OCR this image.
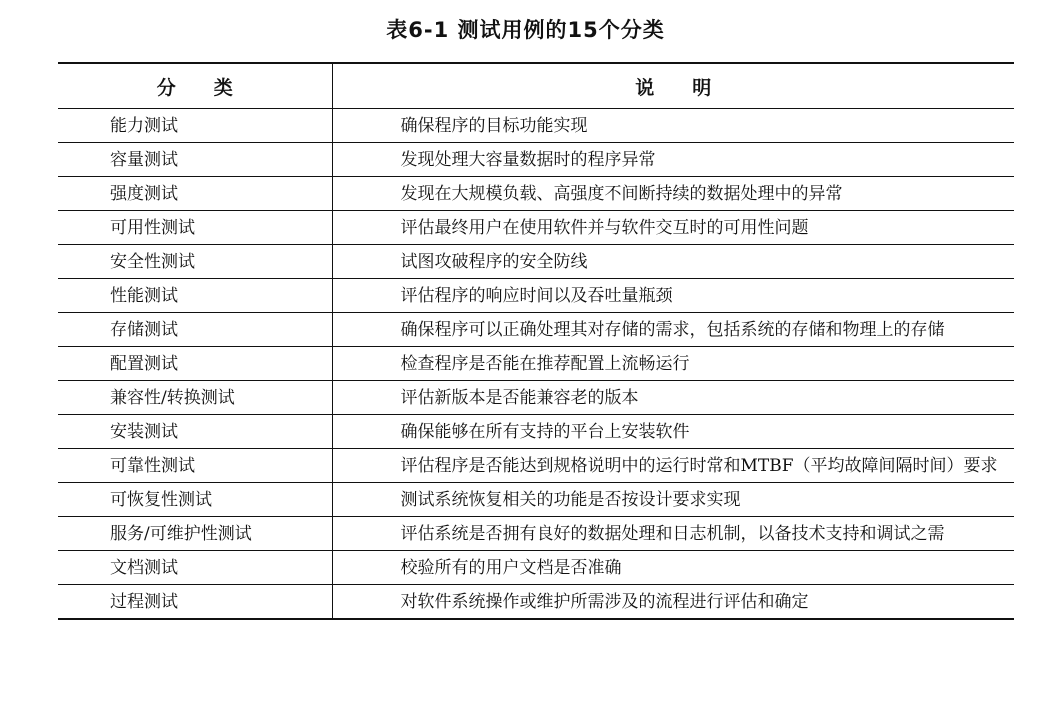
表6-1 测试用例的15个分类
分类	说明
能力测试	确保程序的目标功能实现
容量测试	发现处理大容量数据时的程序异常
强度测试	发现在大规模负载、高强度不间断持续的数据处理中的异常
可用性测试	评估最终用户在使用软件并与软件交互时的可用性问题
安全性测试	试图攻破程序的安全防线
性能测试	评估程序的响应时间以及吞吐量瓶颈
存储测试	确保程序可以正确处理其对存储的需求，包括系统的存储和物理上的存储
配置测试	检查程序是否能在推荐配置上流畅运行
兼容性/转换测试	评估新版本是否能兼容老的版本
安装测试	确保能够在所有支持的平台上安装软件
可靠性测试	评估程序是否能达到规格说明中的运行时常和MTBF（平均故障间隔时间）要求
可恢复性测试	测试系统恢复相关的功能是否按设计要求实现
服务/可维护性测试	评估系统是否拥有良好的数据处理和日志机制，以备技术支持和调试之需
文档测试	校验所有的用户文档是否准确
过程测试	对软件系统操作或维护所需涉及的流程进行评估和确定
